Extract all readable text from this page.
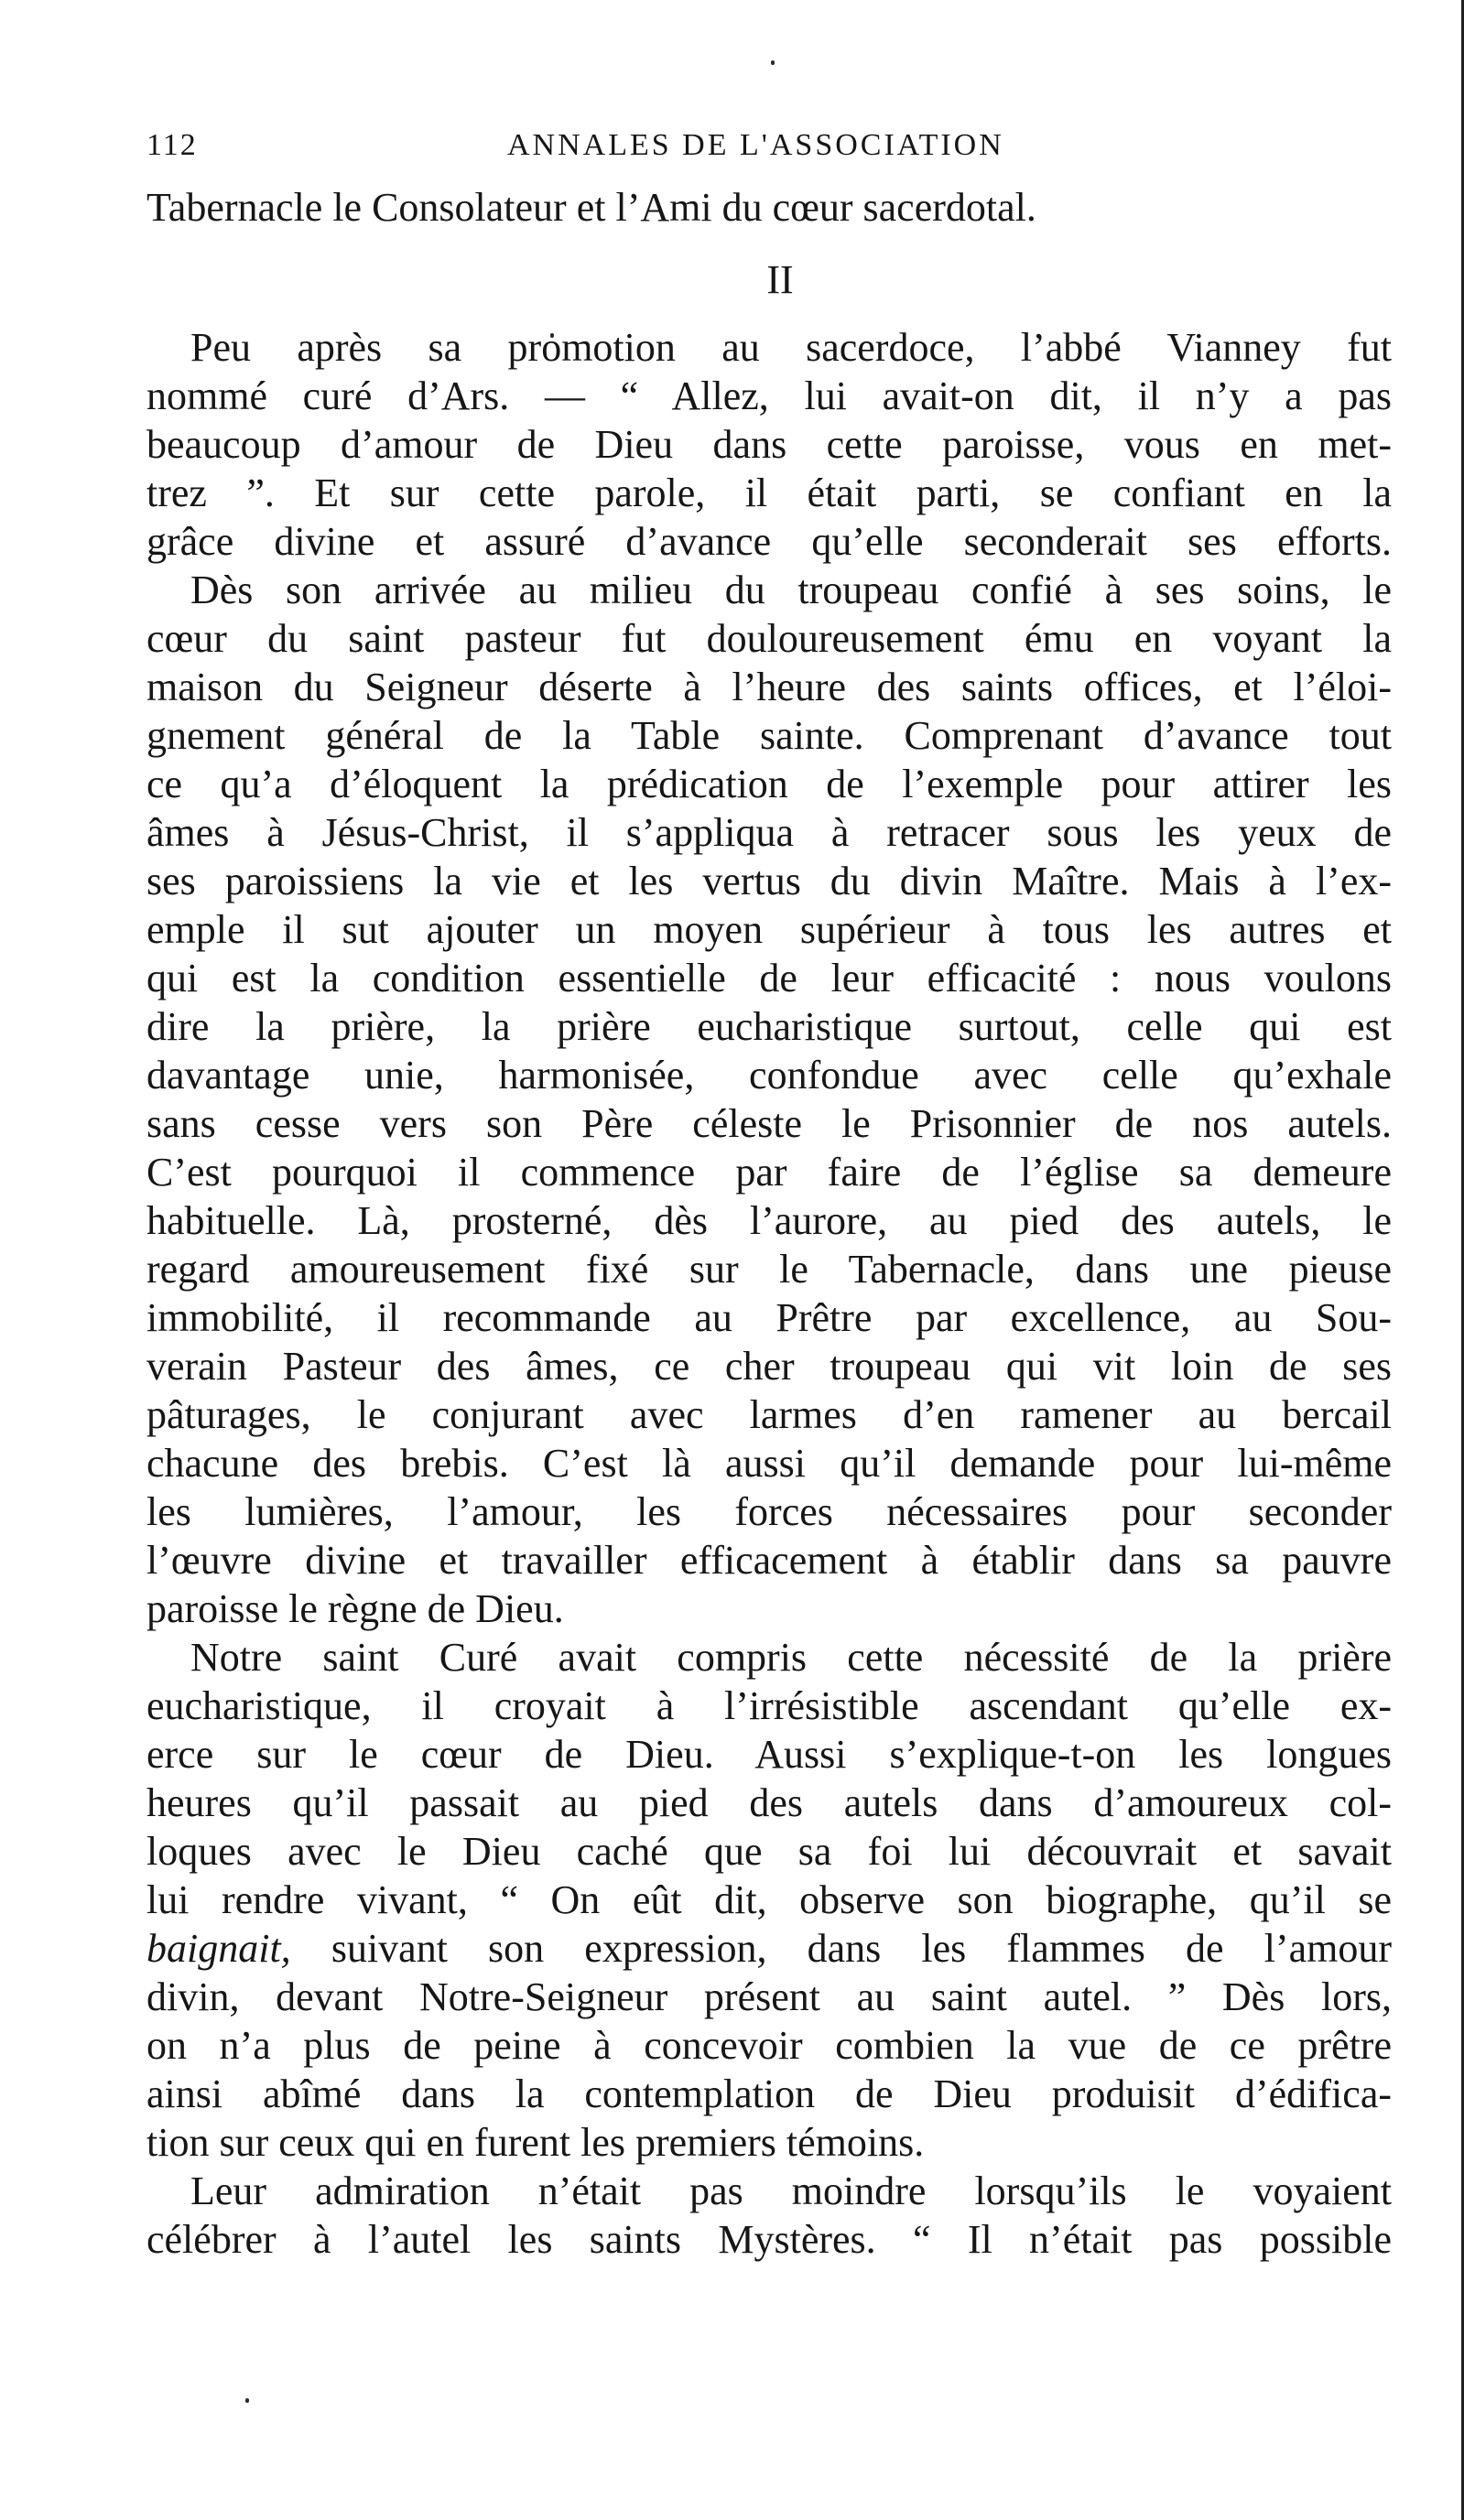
112	ANNALES DE L'ASSOCIATION
Tabernacle le Consolateur et l’Ami du cœur sacerdotal.
II
Peu après sa promotion au sacerdoce, l’abbé Vianney fut
nommé curé d’Ars. — “ Allez, lui avait-on dit, il n’y a pas
beaucoup d’amour de Dieu dans cette paroisse, vous en met-
trez ”. Et sur cette parole, il était parti, se confiant en la
grâce divine et assuré d’avance qu’elle seconderait ses efforts.
Dès son arrivée au milieu du troupeau confié à ses soins, le
cœur du saint pasteur fut douloureusement ému en voyant la
maison du Seigneur déserte à l’heure des saints offices, et l’éloi-
gnement général de la Table sainte. Comprenant d’avance tout
ce qu’a d’éloquent la prédication de l’exemple pour attirer les
âmes à Jésus-Christ, il s’appliqua à retracer sous les yeux de
ses paroissiens la vie et les vertus du divin Maître. Mais à l’ex-
emple il sut ajouter un moyen supérieur à tous les autres et
qui est la condition essentielle de leur efficacité : nous voulons
dire la prière, la prière eucharistique surtout, celle qui est
davantage unie, harmonisée, confondue avec celle qu’exhale
sans cesse vers son Père céleste le Prisonnier de nos autels.
C’est pourquoi il commence par faire de l’église sa demeure
habituelle. Là, prosterné, dès l’aurore, au pied des autels, le
regard amoureusement fixé sur le Tabernacle, dans une pieuse
immobilité, il recommande au Prêtre par excellence, au Sou-
verain Pasteur des âmes, ce cher troupeau qui vit loin de ses
pâturages, le conjurant avec larmes d’en ramener au bercail
chacune des brebis. C’est là aussi qu’il demande pour lui-même
les lumières, l’amour, les forces nécessaires pour seconder
l’œuvre divine et travailler efficacement à établir dans sa pauvre
paroisse le règne de Dieu.
Notre saint Curé avait compris cette nécessité de la prière
eucharistique, il croyait à l’irrésistible ascendant qu’elle ex-
erce sur le cœur de Dieu. Aussi s’explique-t-on les longues
heures qu’il passait au pied des autels dans d’amoureux col-
loques avec le Dieu caché que sa foi lui découvrait et savait
lui rendre vivant, “ On eût dit, observe son biographe, qu’il se
baignait, suivant son expression, dans les flammes de l’amour
divin, devant Notre-Seigneur présent au saint autel. ” Dès lors,
on n’a plus de peine à concevoir combien la vue de ce prêtre
ainsi abîmé dans la contemplation de Dieu produisit d’édifica-
tion sur ceux qui en furent les premiers témoins.
Leur admiration n’était pas moindre lorsqu’ils le voyaient
célébrer à l’autel les saints Mystères. “ Il n’était pas possible
